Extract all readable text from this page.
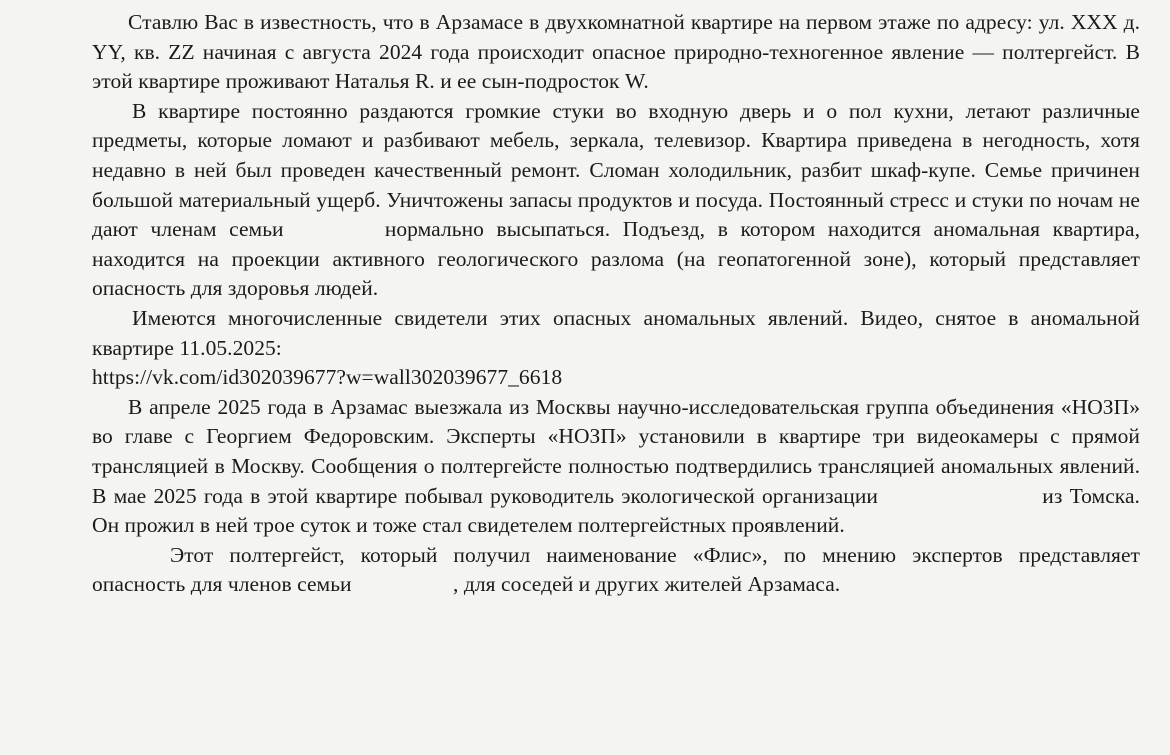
Ставлю Вас в известность, что в Арзамасе в двухкомнатной квартире на первом этаже по адресу: ул. ХХХ д. YY, кв. ZZ начиная с августа 2024 года происходит опасное природно-техногенное явление — полтергейст. В этой квартире проживают Наталья R. и ее сын-подросток W.

В квартире постоянно раздаются громкие стуки во входную дверь и о пол кухни, летают различные предметы, которые ломают и разбивают мебель, зеркала, телевизор. Квартира приведена в негодность, хотя недавно в ней был проведен качественный ремонт. Сломан холодильник, разбит шкаф-купе. Семье причинен большой материальный ущерб. Уничтожены запасы продуктов и посуда. Постоянный стресс и стуки по ночам не дают членам семьи	нормально высыпаться. Подъезд, в котором находится аномальная квартира, находится на проекции активного геологического разлома (на геопатогенной зоне), который представляет опасность для здоровья людей.

Имеются многочисленные свидетели этих опасных аномальных явлений. Видео, снятое в аномальной квартире 11.05.2025:
https://vk.com/id302039677?w=wall302039677_6618

В апреле 2025 года в Арзамас выезжала из Москвы научно-исследовательская группа объединения «НОЗП» во главе с Георгием Федоровским. Эксперты «НОЗП» установили в квартире три видеокамеры с прямой трансляцией в Москву. Сообщения о полтергейсте полностью подтвердились трансляцией аномальных явлений. В мае 2025 года в этой квартире побывал руководитель экологической организации	из Томска. Он прожил в ней трое суток и тоже стал свидетелем полтергейстных проявлений.

Этот полтергейст, который получил наименование «Флис», по мнению экспертов представляет опасность для членов семьи	, для соседей и других жителей Арзамаса.
